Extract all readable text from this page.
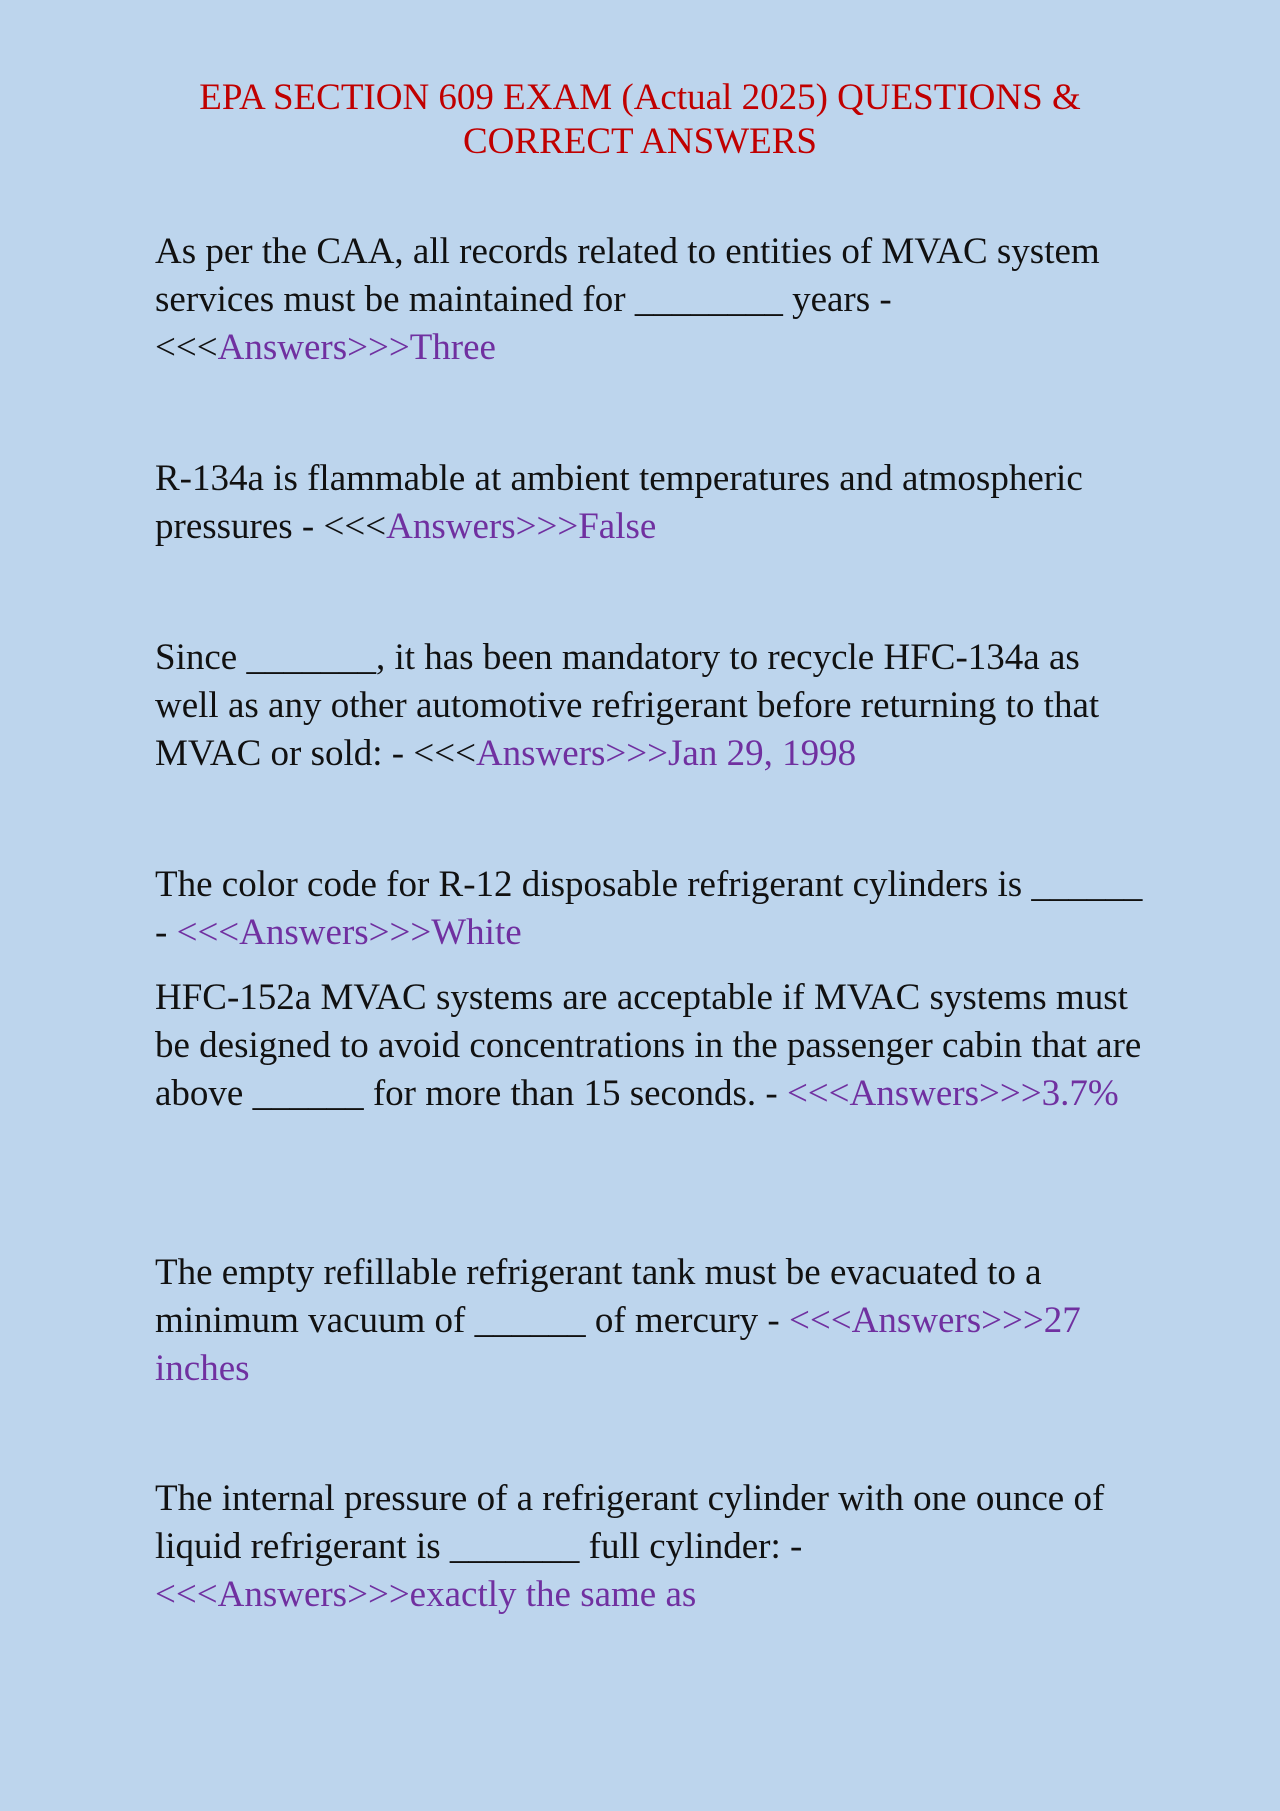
EPA SECTION 609 EXAM (Actual 2025) QUESTIONS &
CORRECT ANSWERS
As per the CAA, all records related to entities of MVAC system services must be maintained for ________ years - <<<Answers>>>Three
R-134a is flammable at ambient temperatures and atmospheric pressures - <<<Answers>>>False
Since _______, it has been mandatory to recycle HFC-134a as well as any other automotive refrigerant before returning to that MVAC or sold: - <<<Answers>>>Jan 29, 1998
The color code for R-12 disposable refrigerant cylinders is ______ - <<<Answers>>>White
HFC-152a MVAC systems are acceptable if MVAC systems must be designed to avoid concentrations in the passenger cabin that are above ______ for more than 15 seconds. - <<<Answers>>>3.7%
The empty refillable refrigerant tank must be evacuated to a minimum vacuum of ______ of mercury - <<<Answers>>>27 inches
The internal pressure of a refrigerant cylinder with one ounce of liquid refrigerant is _______ full cylinder: - <<<Answers>>>exactly the same as
